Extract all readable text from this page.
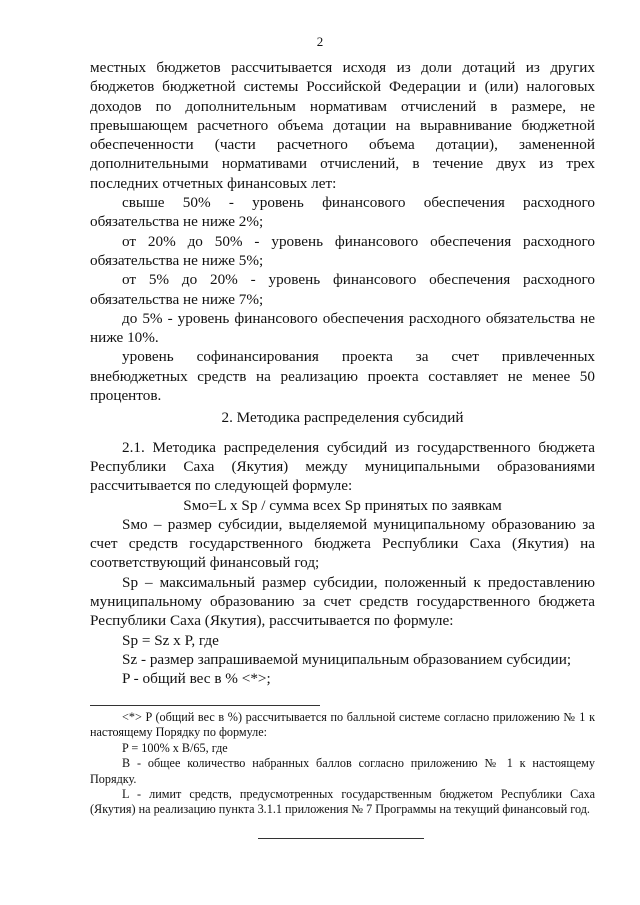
2

местных бюджетов рассчитывается исходя из доли дотаций из других бюджетов бюджетной системы Российской Федерации и (или) налоговых доходов по дополнительным нормативам отчислений в размере, не превышающем расчетного объема дотации на выравнивание бюджетной обеспеченности (части расчетного объема дотации), замененной дополнительными нормативами отчислений, в течение двух из трех последних отчетных финансовых лет:

свыше 50% - уровень финансового обеспечения расходного обязательства не ниже 2%;

от 20% до 50% - уровень финансового обеспечения расходного обязательства не ниже 5%;

от 5% до 20% - уровень финансового обеспечения расходного обязательства не ниже 7%;

до 5% - уровень финансового обеспечения расходного обязательства не ниже 10%.

уровень софинансирования проекта за счет привлеченных внебюджетных средств на реализацию проекта составляет не менее 50 процентов.

2. Методика распределения субсидий

2.1. Методика распределения субсидий из государственного бюджета Республики Саха (Якутия) между муниципальными образованиями рассчитывается по следующей формуле:

Sмо=L x Sp / сумма всех Sp принятых по заявкам

Sмо – размер субсидии, выделяемой муниципальному образованию за счет средств государственного бюджета Республики Саха (Якутия) на соответствующий финансовый год;

Sp – максимальный размер субсидии, положенный к предоставлению муниципальному образованию за счет средств государственного бюджета Республики Саха (Якутия), рассчитывается по формуле:

Sp = Sz x P, где

Sz - размер запрашиваемой муниципальным образованием субсидии;

P - общий вес в % <*>;

<*> P (общий вес в %) рассчитывается по балльной системе согласно приложению № 1 к настоящему Порядку по формуле:

P = 100% x B/65, где

B - общее количество набранных баллов согласно приложению № 1 к настоящему Порядку.

L - лимит средств, предусмотренных государственным бюджетом Республики Саха (Якутия) на реализацию пункта 3.1.1 приложения № 7 Программы на текущий финансовый год.
